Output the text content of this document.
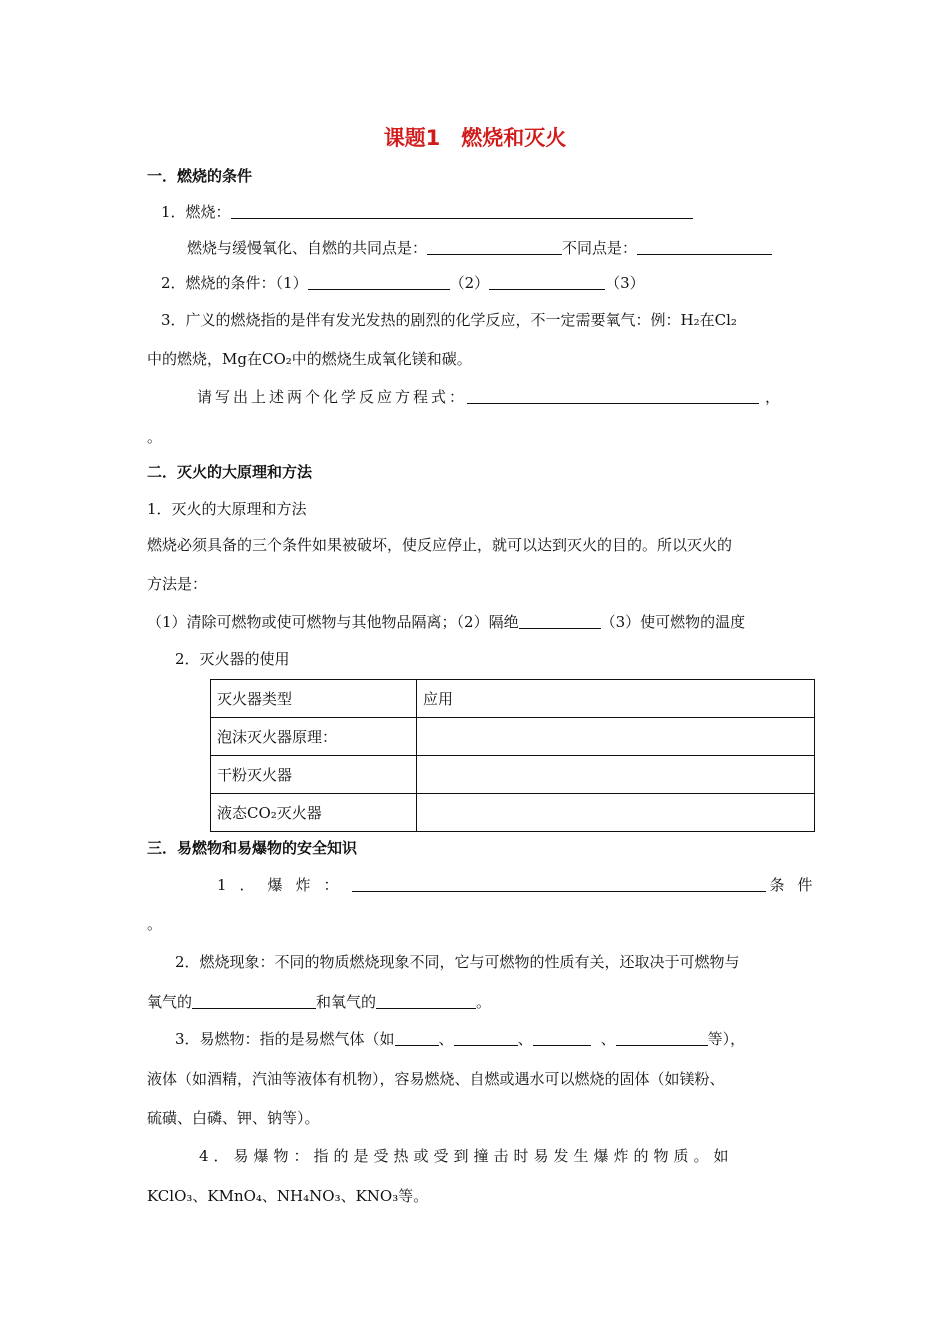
课题1　燃烧和灭火
一．燃烧的条件
1．燃烧：
燃烧与缓慢氧化、自燃的共同点是：	不同点是：
2．燃烧的条件：（1）	（2）	（3）
3．广义的燃烧指的是伴有发光发热的剧烈的化学反应，不一定需要氧气：例：H₂在Cl₂
中的燃烧，Mg在CO₂中的燃烧生成氧化镁和碳。
请写出上述两个化学反应方程式：	，
。
二．灭火的大原理和方法
1．灭火的大原理和方法
燃烧必须具备的三个条件如果被破坏，使反应停止，就可以达到灭火的目的。所以灭火的
方法是：
（1）清除可燃物或使可燃物与其他物品隔离；（2）隔绝	（3）使可燃物的温度
2．灭火器的使用
灭火器类型	应用
泡沫灭火器原理：	
干粉灭火器	
液态CO₂灭火器	
三．易燃物和易爆物的安全知识
1．爆炸：	条件
。
2．燃烧现象：不同的物质燃烧现象不同，它与可燃物的性质有关，还取决于可燃物与
氧气的	和氧气的	。
3．易燃物：指的是易燃气体（如	、	、	、	等），
液体（如酒精，汽油等液体有机物），容易燃烧、自燃或遇水可以燃烧的固体（如镁粉、
硫磺、白磷、钾、钠等）。
4．易爆物：指的是受热或受到撞击时易发生爆炸的物质。如
KClO₃、KMnO₄、NH₄NO₃、KNO₃等。
